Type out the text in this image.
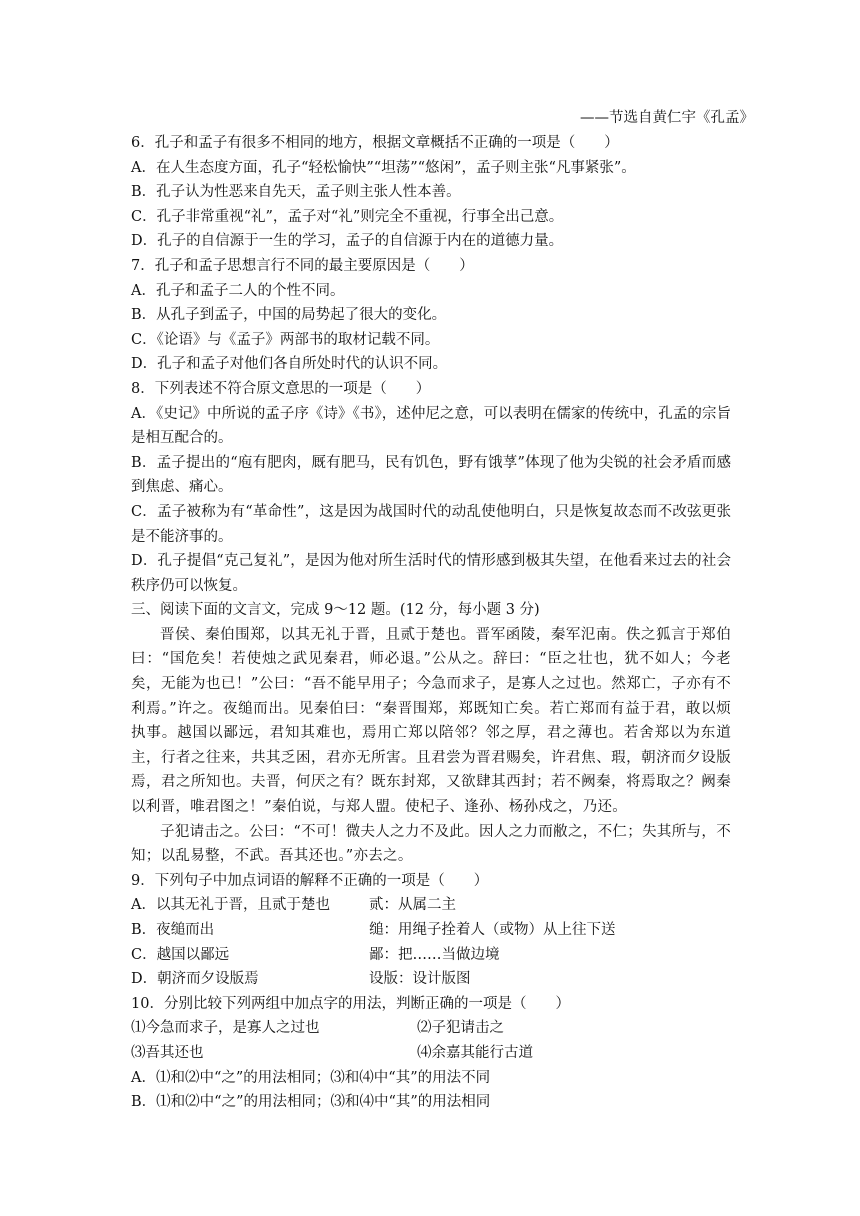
——节选自黄仁宇《孔孟》
6．孔子和孟子有很多不相同的地方，根据文章概括不正确的一项是（　　）
A．在人生态度方面，孔子“轻松愉快”“坦荡”“悠闲”，孟子则主张“凡事紧张”。
B．孔子认为性恶来自先天，孟子则主张人性本善。
C．孔子非常重视“礼”，孟子对“礼”则完全不重视，行事全出己意。
D．孔子的自信源于一生的学习，孟子的自信源于内在的道德力量。
7．孔子和孟子思想言行不同的最主要原因是（　　）
A．孔子和孟子二人的个性不同。
B．从孔子到孟子，中国的局势起了很大的变化。
C．《论语》与《孟子》两部书的取材记载不同。
D．孔子和孟子对他们各自所处时代的认识不同。
8．下列表述不符合原文意思的一项是（　　）
A．《史记》中所说的孟子序《诗》《书》，述仲尼之意，可以表明在儒家的传统中，孔孟的宗旨是相互配合的。
B．孟子提出的“庖有肥肉，厩有肥马，民有饥色，野有饿莩”体现了他为尖锐的社会矛盾而感到焦虑、痛心。
C．孟子被称为有“革命性”，这是因为战国时代的动乱使他明白，只是恢复故态而不改弦更张是不能济事的。
D．孔子提倡“克己复礼”，是因为他对所生活时代的情形感到极其失望，在他看来过去的社会秩序仍可以恢复。
三、阅读下面的文言文，完成 9～12 题。(12 分，每小题 3 分)
晋侯、秦伯围郑，以其无礼于晋，且贰于楚也。晋军函陵，秦军氾南。佚之狐言于郑伯曰：“国危矣！若使烛之武见秦君，师必退。”公从之。辞曰：“臣之壮也，犹不如人；今老矣，无能为也已！”公曰：“吾不能早用子；今急而求子，是寡人之过也。然郑亡，子亦有不利焉。”许之。夜缒而出。见秦伯曰：“秦晋围郑，郑既知亡矣。若亡郑而有益于君，敢以烦执事。越国以鄙远，君知其难也，焉用亡郑以陪邻？邻之厚，君之薄也。若舍郑以为东道主，行者之往来，共其乏困，君亦无所害。且君尝为晋君赐矣，许君焦、瑕，朝济而夕设版焉，君之所知也。夫晋，何厌之有？既东封郑，又欲肆其西封；若不阙秦，将焉取之？阙秦以利晋，唯君图之！”秦伯说，与郑人盟。使杞子、逢孙、杨孙戍之，乃还。
子犯请击之。公曰：“不可！微夫人之力不及此。因人之力而敝之，不仁；失其所与，不知；以乱易整，不武。吾其还也。”亦去之。
9．下列句子中加点词语的解释不正确的一项是（　　）
A．以其无礼于晋，且贰于楚也	贰：从属二主
B．夜缒而出	缒：用绳子拴着人（或物）从上往下送
C．越国以鄙远	鄙：把……当做边境
D．朝济而夕设版焉	设版：设计版图
10．分别比较下列两组中加点字的用法，判断正确的一项是（　　）
⑴今急而求子，是寡人之过也	⑵子犯请击之
⑶吾其还也	⑷余嘉其能行古道
A．⑴和⑵中“之”的用法相同；⑶和⑷中“其”的用法不同
B．⑴和⑵中“之”的用法相同；⑶和⑷中“其”的用法相同
